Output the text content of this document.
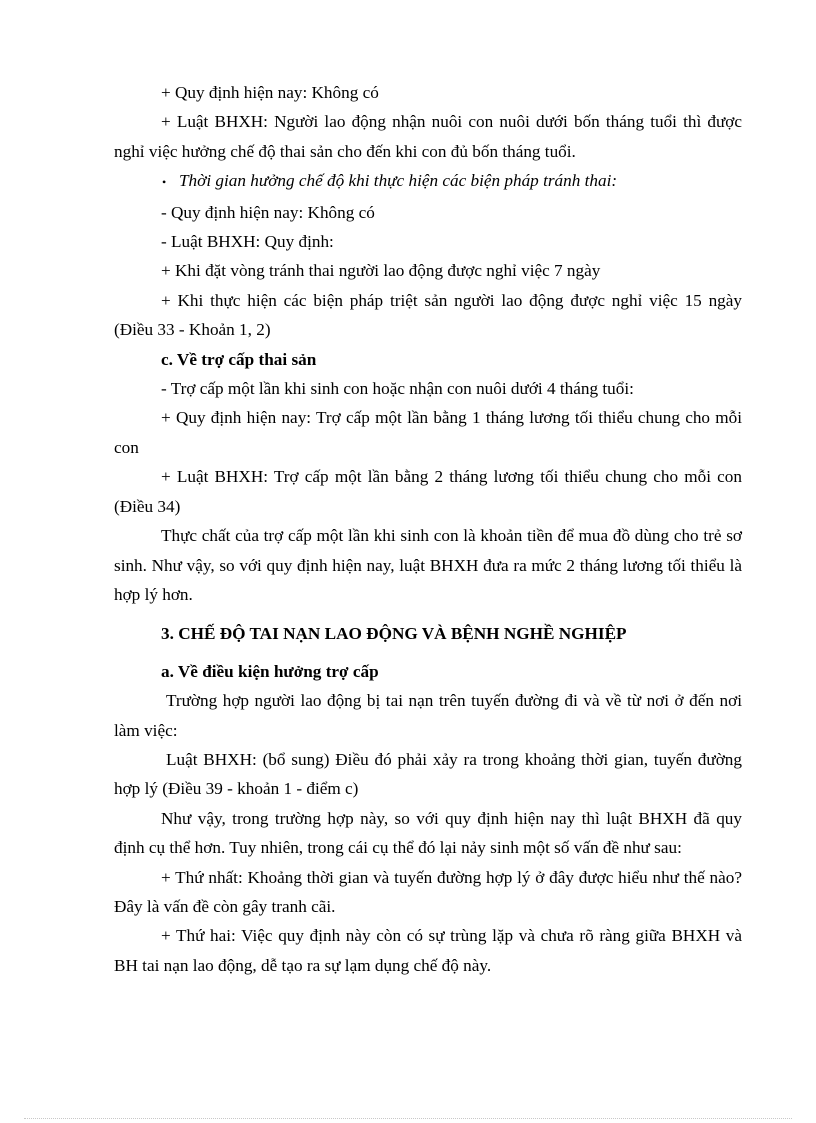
+ Quy định hiện nay: Không có

+ Luật BHXH: Người lao động nhận nuôi con nuôi dưới bốn tháng tuổi thì được nghỉ việc hưởng chế độ thai sản cho đến khi con đủ bốn tháng tuổi.

• Thời gian hưởng chế độ khi thực hiện các biện pháp tránh thai:

- Quy định hiện nay: Không có

- Luật BHXH: Quy định:

+ Khi đặt vòng tránh thai người lao động được nghỉ việc 7 ngày

+ Khi thực hiện các biện pháp triệt sản người lao động được nghỉ việc 15 ngày (Điều 33 - Khoản 1, 2)

c. Về trợ cấp thai sản

- Trợ cấp một lần khi sinh con hoặc nhận con nuôi dưới 4 tháng tuổi:

+ Quy định hiện nay: Trợ cấp một lần bằng 1 tháng lương tối thiểu chung cho mỗi con

+ Luật BHXH: Trợ cấp một lần bằng 2 tháng lương tối thiểu chung cho mỗi con (Điều 34)

Thực chất của trợ cấp một lần khi sinh con là khoản tiền để mua đồ dùng cho trẻ sơ sinh. Như vậy, so với quy định hiện nay, luật BHXH đưa ra mức 2 tháng lương tối thiểu là hợp lý hơn.

3. CHẾ ĐỘ TAI NẠN LAO ĐỘNG VÀ BỆNH NGHỀ NGHIỆP

a. Về điều kiện hưởng trợ cấp

Trường hợp người lao động bị tai nạn trên tuyến đường đi và về từ nơi ở đến nơi làm việc:

Luật BHXH: (bổ sung) Điều đó phải xảy ra trong khoảng thời gian, tuyến đường hợp lý (Điều 39 - khoản 1 - điểm c)

Như vậy, trong trường hợp này, so với quy định hiện nay thì luật BHXH đã quy định cụ thể hơn. Tuy nhiên, trong cái cụ thể đó lại nảy sinh một số vấn đề như sau:

+ Thứ nhất: Khoảng thời gian và tuyến đường hợp lý ở đây được hiểu như thế nào? Đây là vấn đề còn gây tranh cãi.

+ Thứ hai: Việc quy định này còn có sự trùng lặp và chưa rõ ràng giữa BHXH và BH tai nạn lao động, dễ tạo ra sự lạm dụng chế độ này.
